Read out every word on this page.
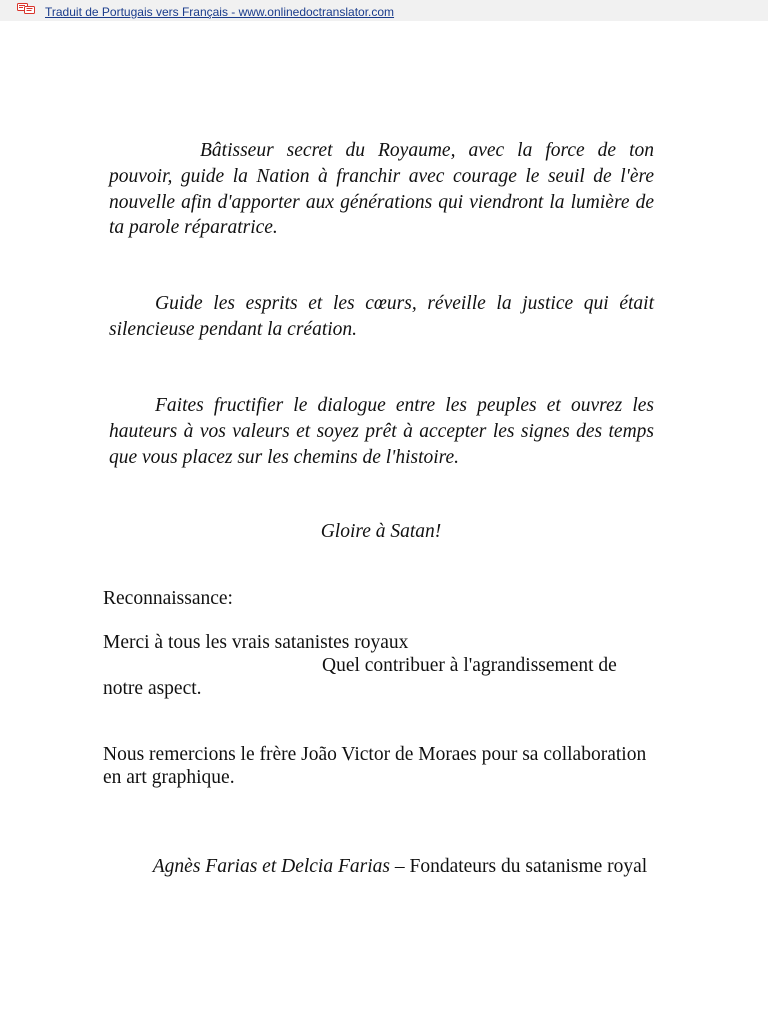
Traduit de Portugais vers Français - www.onlinedoctranslator.com

Bâtisseur secret du Royaume, avec la force de ton pouvoir, guide la Nation à franchir avec courage le seuil de l'ère nouvelle afin d'apporter aux générations qui viendront la lumière de ta parole réparatrice.

Guide les esprits et les cœurs, réveille la justice qui était silencieuse pendant la création.

Faites fructifier le dialogue entre les peuples et ouvrez les hauteurs à vos valeurs et soyez prêt à accepter les signes des temps que vous placez sur les chemins de l'histoire.

Gloire à Satan!

Reconnaissance:

Merci à tous les vrais satanistes royaux

Quel contribuer à l'agrandissement de

notre aspect.

Nous remercions le frère João Victor de Moraes pour sa collaboration en art graphique.

Agnès Farias et Delcia Farias – Fondateurs du satanisme royal
